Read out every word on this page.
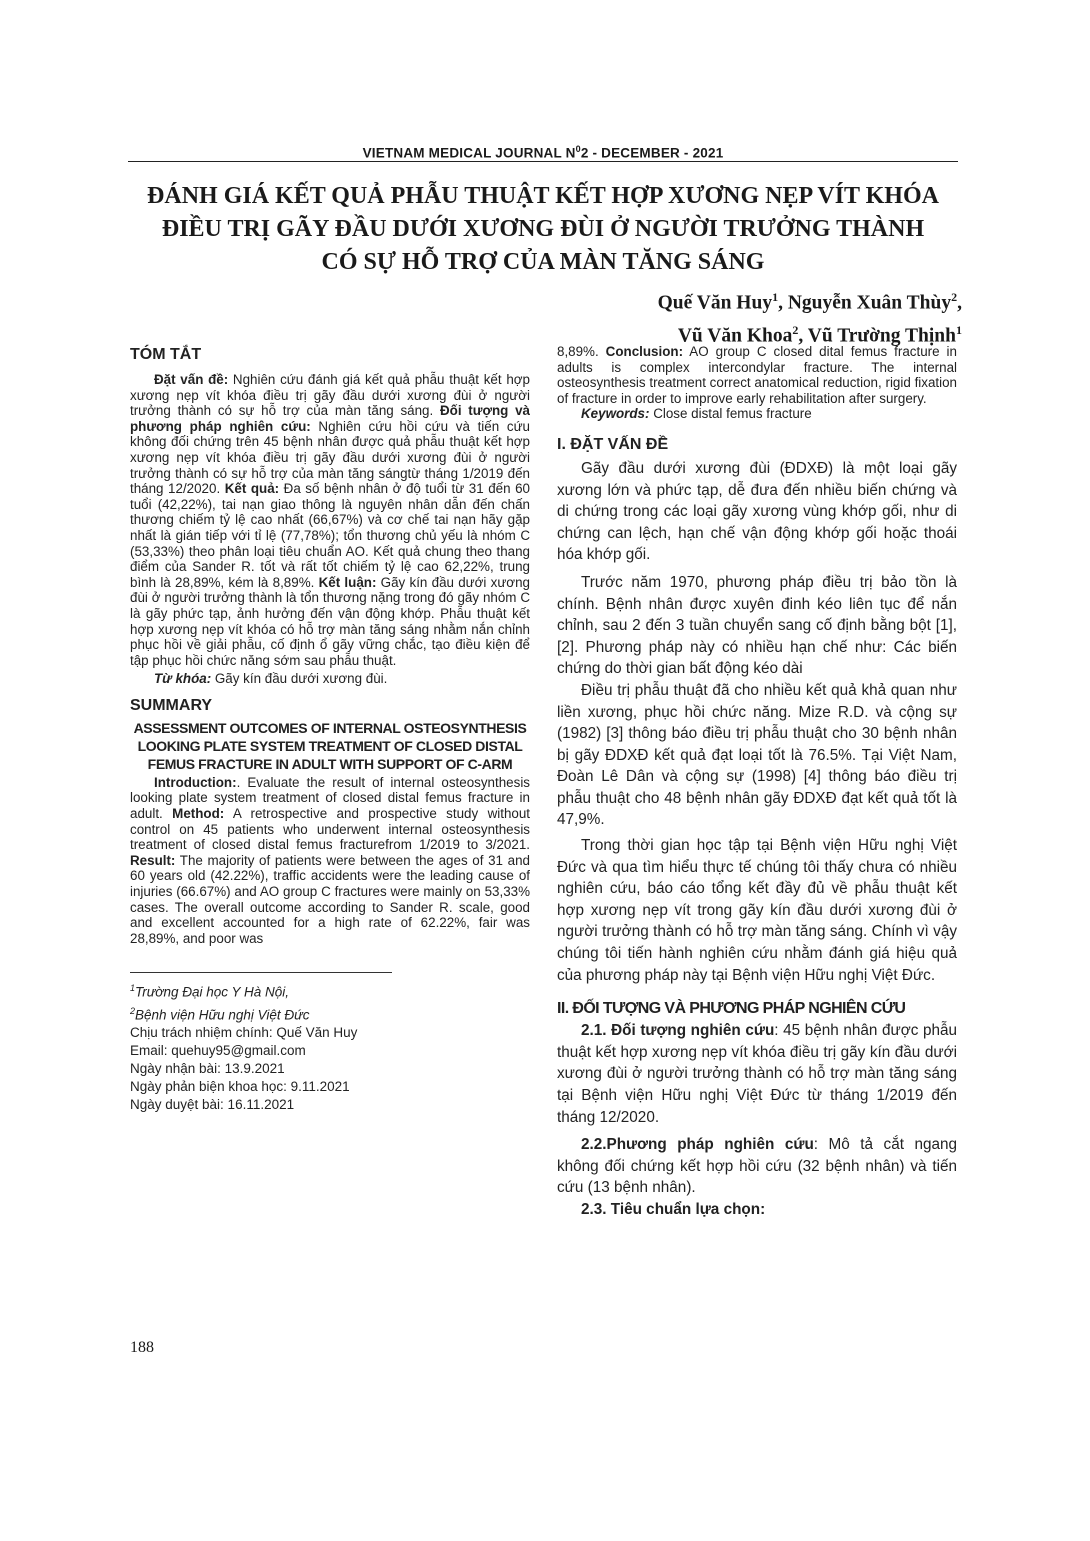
VIETNAM MEDICAL JOURNAL $N^02$ - DECEMBER - 2021
ĐÁNH GIÁ KẾT QUẢ PHẪU THUẬT KẾT HỢP XƯƠNG NẸP VÍT KHÓA
ĐIỀU TRỊ GÃY ĐẦU DƯỚI XƯƠNG ĐÙI Ở NGƯỜI TRƯỞNG THÀNH
CÓ SỰ HỖ TRỢ CỦA MÀN TĂNG SÁNG
Quế Văn Huy$^1$, Nguyễn Xuân Thùy$^2$,
Vũ Văn Khoa$^2$, Vũ Trường Thịnh$^1$
TÓM TẮT

Đặt vấn đề: Nghiên cứu đánh giá kết quả phẫu thuật kết hợp xương nẹp vít khóa điều trị gãy đầu dưới xương đùi ở người trưởng thành có sự hỗ trợ của màn tăng sáng. Đối tượng và phương pháp nghiên cứu: Nghiên cứu hồi cứu và tiến cứu không đối chứng trên 45 bệnh nhân được quả phẫu thuật kết hợp xương nẹp vít khóa điều trị gãy đầu dưới xương đùi ở người trưởng thành có sự hỗ trợ của màn tăng sángtừ tháng 1/2019 đến tháng 12/2020. Kết quả: Đa số bệnh nhân ở độ tuổi từ 31 đến 60 tuổi (42,22%), tai nạn giao thông là nguyên nhân dẫn đến chấn thương chiếm tỷ lệ cao nhất (66,67%) và cơ chế tai nạn hãy gặp nhất là gián tiếp với tỉ lệ (77,78%); tổn thương chủ yếu là nhóm C (53,33%) theo phân loại tiêu chuẩn AO. Kết quả chung theo thang điểm của Sander R. tốt và rất tốt chiếm tỷ lệ cao 62,22%, trung bình là 28,89%, kém là 8,89%. Kết luận: Gãy kín đầu dưới xương đùi ở người trưởng thành là tổn thương nặng trong đó gãy nhóm C là gãy phức tạp, ảnh hưởng đến vận động khớp. Phẫu thuật kết hợp xương nẹp vít khóa có hỗ trợ màn tăng sáng nhằm nắn chỉnh phục hồi về giải phẫu, cố định ổ gãy vững chắc, tạo điều kiện để tập phục hồi chức năng sớm sau phẫu thuật.

Từ khóa: Gãy kín đầu dưới xương đùi.

SUMMARY
ASSESSMENT OUTCOMES OF INTERNAL OSTEOSYNTHESIS LOOKING PLATE SYSTEM TREATMENT OF CLOSED DISTAL FEMUS FRACTURE IN ADULT WITH SUPPORT OF C-ARM

Introduction:. Evaluate the result of internal osteosynthesis looking plate system treatment of closed distal femus fracture in adult. Method: A retrospective and prospective study without control on 45 patients who underwent internal osteosynthesis treatment of closed distal femus fracturefrom 1/2019 to 3/2021. Result: The majority of patients were between the ages of 31 and 60 years old (42.22%), traffic accidents were the leading cause of injuries (66.67%) and AO group C fractures were mainly on 53,33% cases. The overall outcome according to Sander R. scale, good and excellent accounted for a high rate of 62.22%, fair was 28,89%, and poor was

$^1$Trường Đại học Y Hà Nội,

$^2$Bệnh viện Hữu nghị Việt Đức

Chịu trách nhiệm chính: Quế Văn Huy

Email: quehuy95@gmail.com

Ngày nhận bài: 13.9.2021

Ngày phản biện khoa học: 9.11.2021

Ngày duyệt bài: 16.11.2021

8,89%. Conclusion: AO group C closed dital femus fracture in adults is complex intercondylar fracture. The internal osteosynthesis treatment correct anatomical reduction, rigid fixation of fracture in order to improve early rehabilitation after surgery.

Keywords: Close distal femus fracture

I. ĐẶT VẤN ĐỀ

Gãy đầu dưới xương đùi (ĐDXĐ) là một loại gãy xương lớn và phức tạp, dễ đưa đến nhiều biến chứng và di chứng trong các loại gãy xương vùng khớp gối, như di chứng can lệch, hạn chế vận động khớp gối hoặc thoái hóa khớp gối.

Trước năm 1970, phương pháp điều trị bảo tồn là chính. Bệnh nhân được xuyên đinh kéo liên tục để nắn chỉnh, sau 2 đến 3 tuần chuyển sang cố định bằng bột [1], [2]. Phương pháp này có nhiều hạn chế như: Các biến chứng do thời gian bất động kéo dài

Điều trị phẫu thuật đã cho nhiều kết quả khả quan như liền xương, phục hồi chức năng. Mize R.D. và cộng sự (1982) [3] thông báo điều trị phẫu thuật cho 30 bệnh nhân bị gãy ĐDXĐ kết quả đạt loại tốt là 76.5%. Tại Việt Nam, Đoàn Lê Dân và cộng sự (1998) [4] thông báo điều trị phẫu thuật cho 48 bệnh nhân gãy ĐDXĐ đạt kết quả tốt là 47,9%.

Trong thời gian học tập tại Bệnh viện Hữu nghị Việt Đức và qua tìm hiểu thực tế chúng tôi thấy chưa có nhiều nghiên cứu, báo cáo tổng kết đầy đủ về phẫu thuật kết hợp xương nẹp vít trong gãy kín đầu dưới xương đùi ở người trưởng thành có hỗ trợ màn tăng sáng. Chính vì vậy chúng tôi tiến hành nghiên cứu nhằm đánh giá hiệu quả của phương pháp này tại Bệnh viện Hữu nghị Việt Đức.

II. ĐỐI TƯỢNG VÀ PHƯƠNG PHÁP NGHIÊN CỨU

2.1. Đối tượng nghiên cứu: 45 bệnh nhân được phẫu thuật kết hợp xương nẹp vít khóa điều trị gãy kín đầu dưới xương đùi ở người trưởng thành có hỗ trợ màn tăng sáng tại Bệnh viện Hữu nghị Việt Đức từ tháng 1/2019 đến tháng 12/2020.

2.2.Phương pháp nghiên cứu: Mô tả cắt ngang không đối chứng kết hợp hồi cứu (32 bệnh nhân) và tiến cứu (13 bệnh nhân).

2.3. Tiêu chuẩn lựa chọn:

188
